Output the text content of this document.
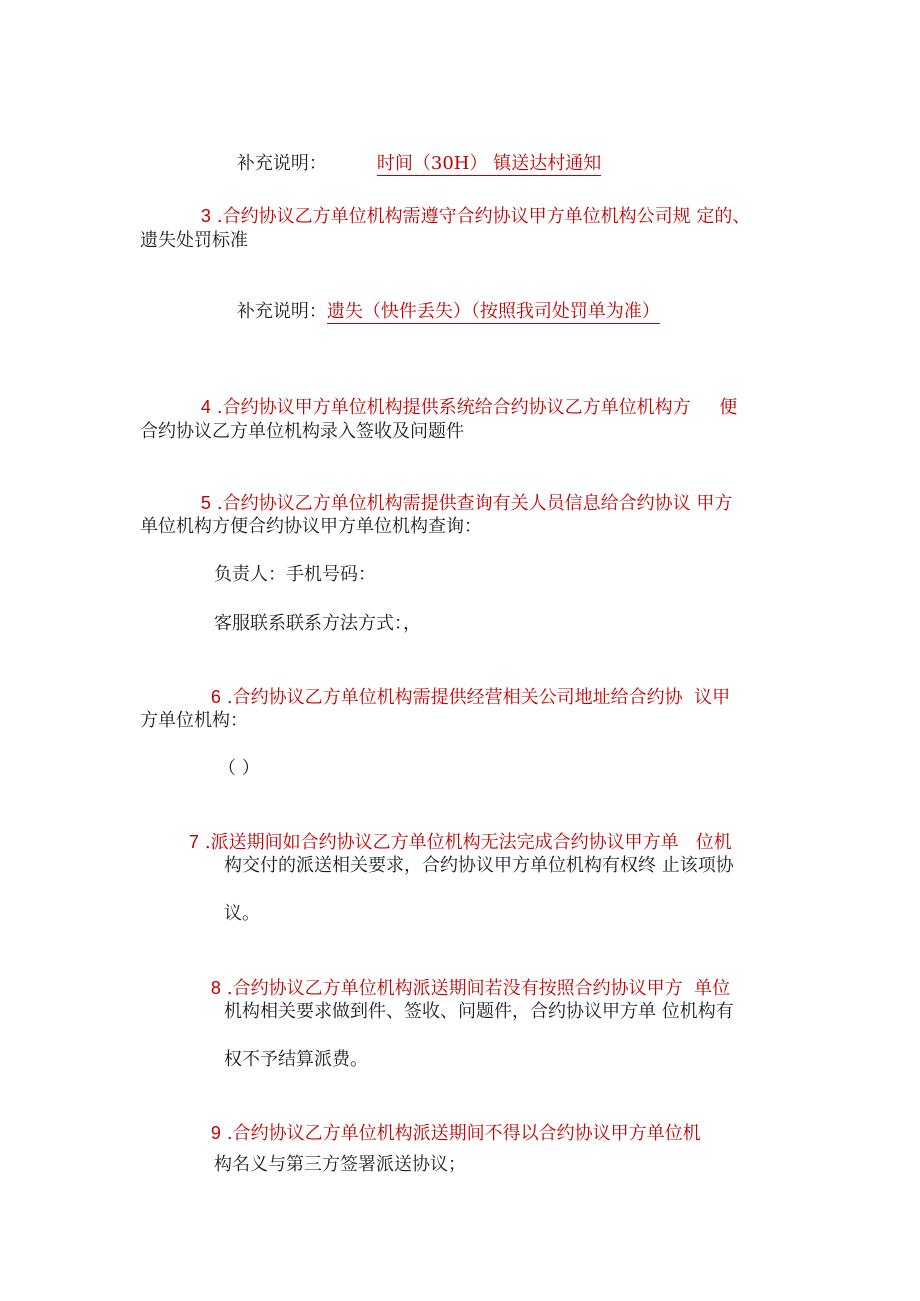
补充说明：	时间（30H） 镇送达村通知

3 .合约协议乙方单位机构需遵守合约协议甲方单位机构公司规 定的、

遗失处罚标准

补充说明：遗失（快件丢失）（按照我司处罚单为准）

4 .合约协议甲方单位机构提供系统给合约协议乙方单位机构方     便

合约协议乙方单位机构录入签收及问题件

5 .合约协议乙方单位机构需提供查询有关人员信息给合约协议 甲方

单位机构方便合约协议甲方单位机构查询：
负责人：手机号码：
客服联系联系方法方式：，

6 .合约协议乙方单位机构需提供经营相关公司地址给合约协  议甲

方单位机构：
（ ）

7 .派送期间如合约协议乙方单位机构无法完成合约协议甲方单   位机

构交付的派送相关要求，合约协议甲方单位机构有权终 止该项协
议。

8 .合约协议乙方单位机构派送期间若没有按照合约协议甲方  单位

机构相关要求做到件、签收、问题件，合约协议甲方单 位机构有
权不予结算派费。

9 .合约协议乙方单位机构派送期间不得以合约协议甲方单位机

构名义与第三方签署派送协议；
